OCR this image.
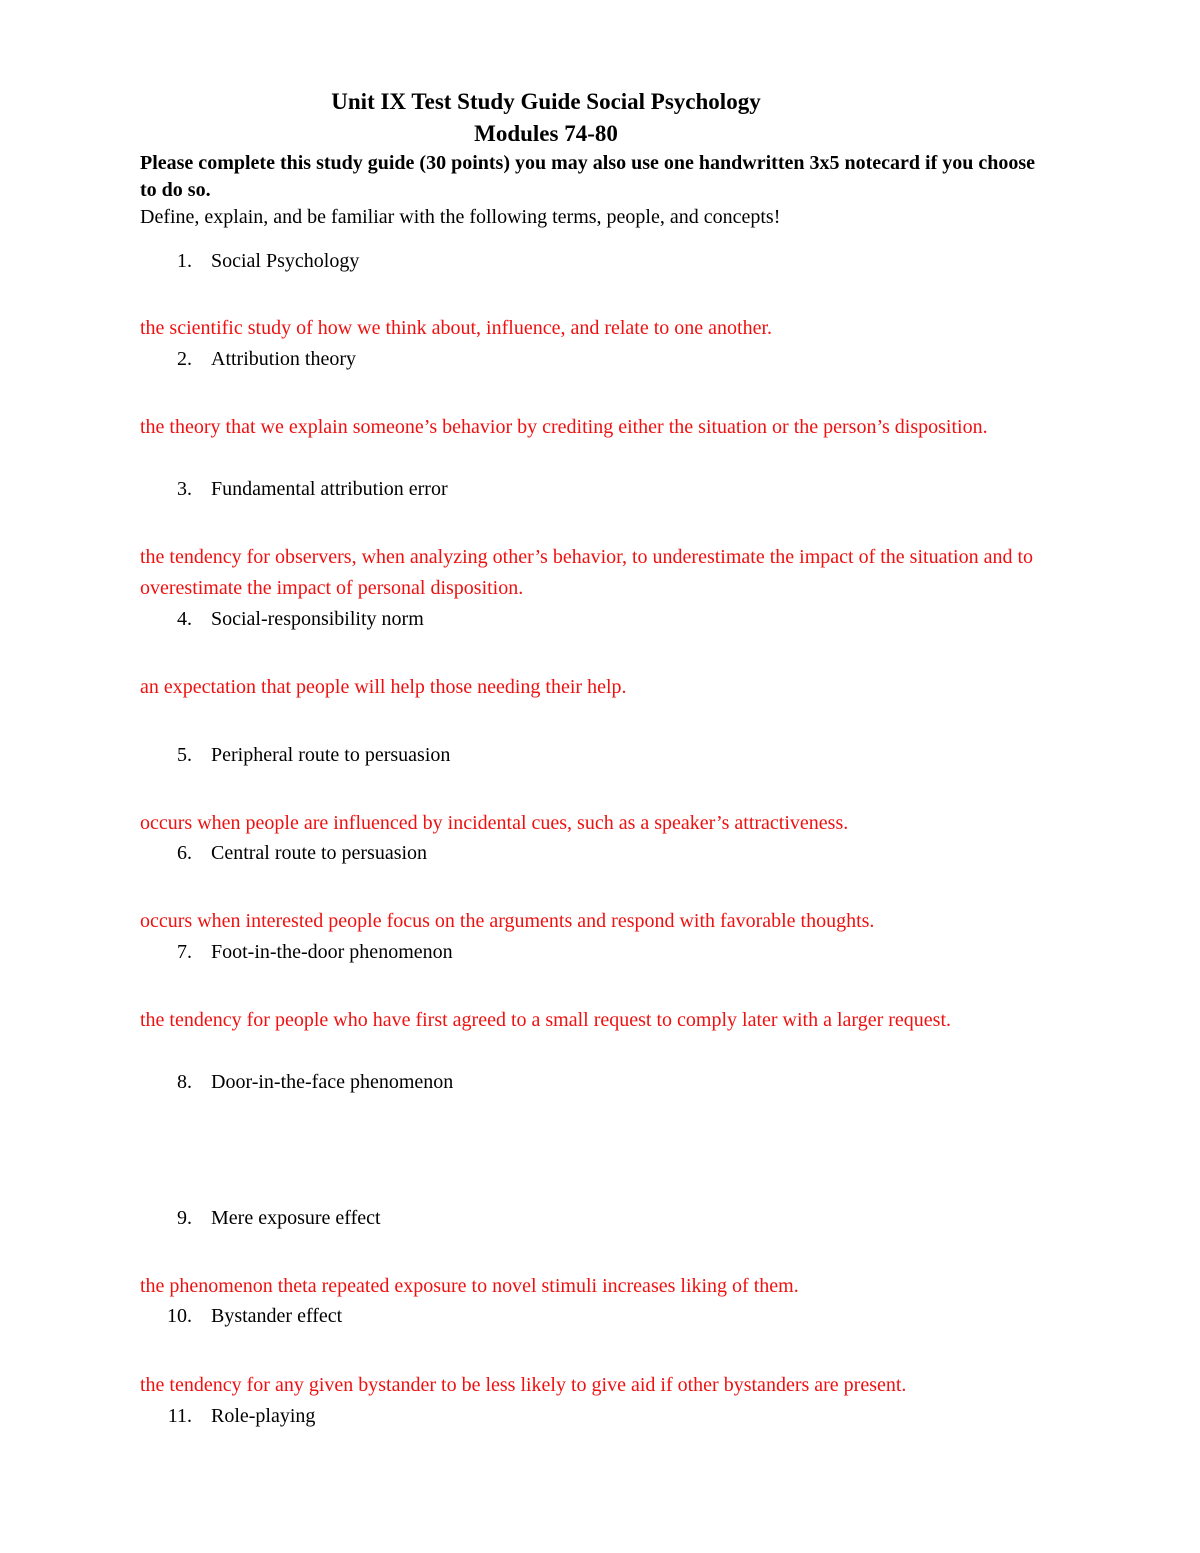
Unit IX Test Study Guide Social Psychology
Modules 74-80
Please complete this study guide (30 points) you may also use one handwritten 3x5 notecard if you choose to do so.
Define, explain, and be familiar with the following terms, people, and concepts!
1. Social Psychology
the scientific study of how we think about, influence, and relate to one another.
2. Attribution theory
the theory that we explain someone’s behavior by crediting either the situation or the person’s disposition.
3. Fundamental attribution error
the tendency for observers, when analyzing other’s behavior, to underestimate the impact of the situation and to overestimate the impact of personal disposition.
4. Social-responsibility norm
an expectation that people will help those needing their help.
5. Peripheral route to persuasion
occurs when people are influenced by incidental cues, such as a speaker’s attractiveness.
6. Central route to persuasion
occurs when interested people focus on the arguments and respond with favorable thoughts.
7. Foot-in-the-door phenomenon
the tendency for people who have first agreed to a small request to comply later with a larger request.
8. Door-in-the-face phenomenon
9. Mere exposure effect
the phenomenon theta repeated exposure to novel stimuli increases liking of them.
10. Bystander effect
the tendency for any given bystander to be less likely to give aid if other bystanders are present.
11. Role-playing
